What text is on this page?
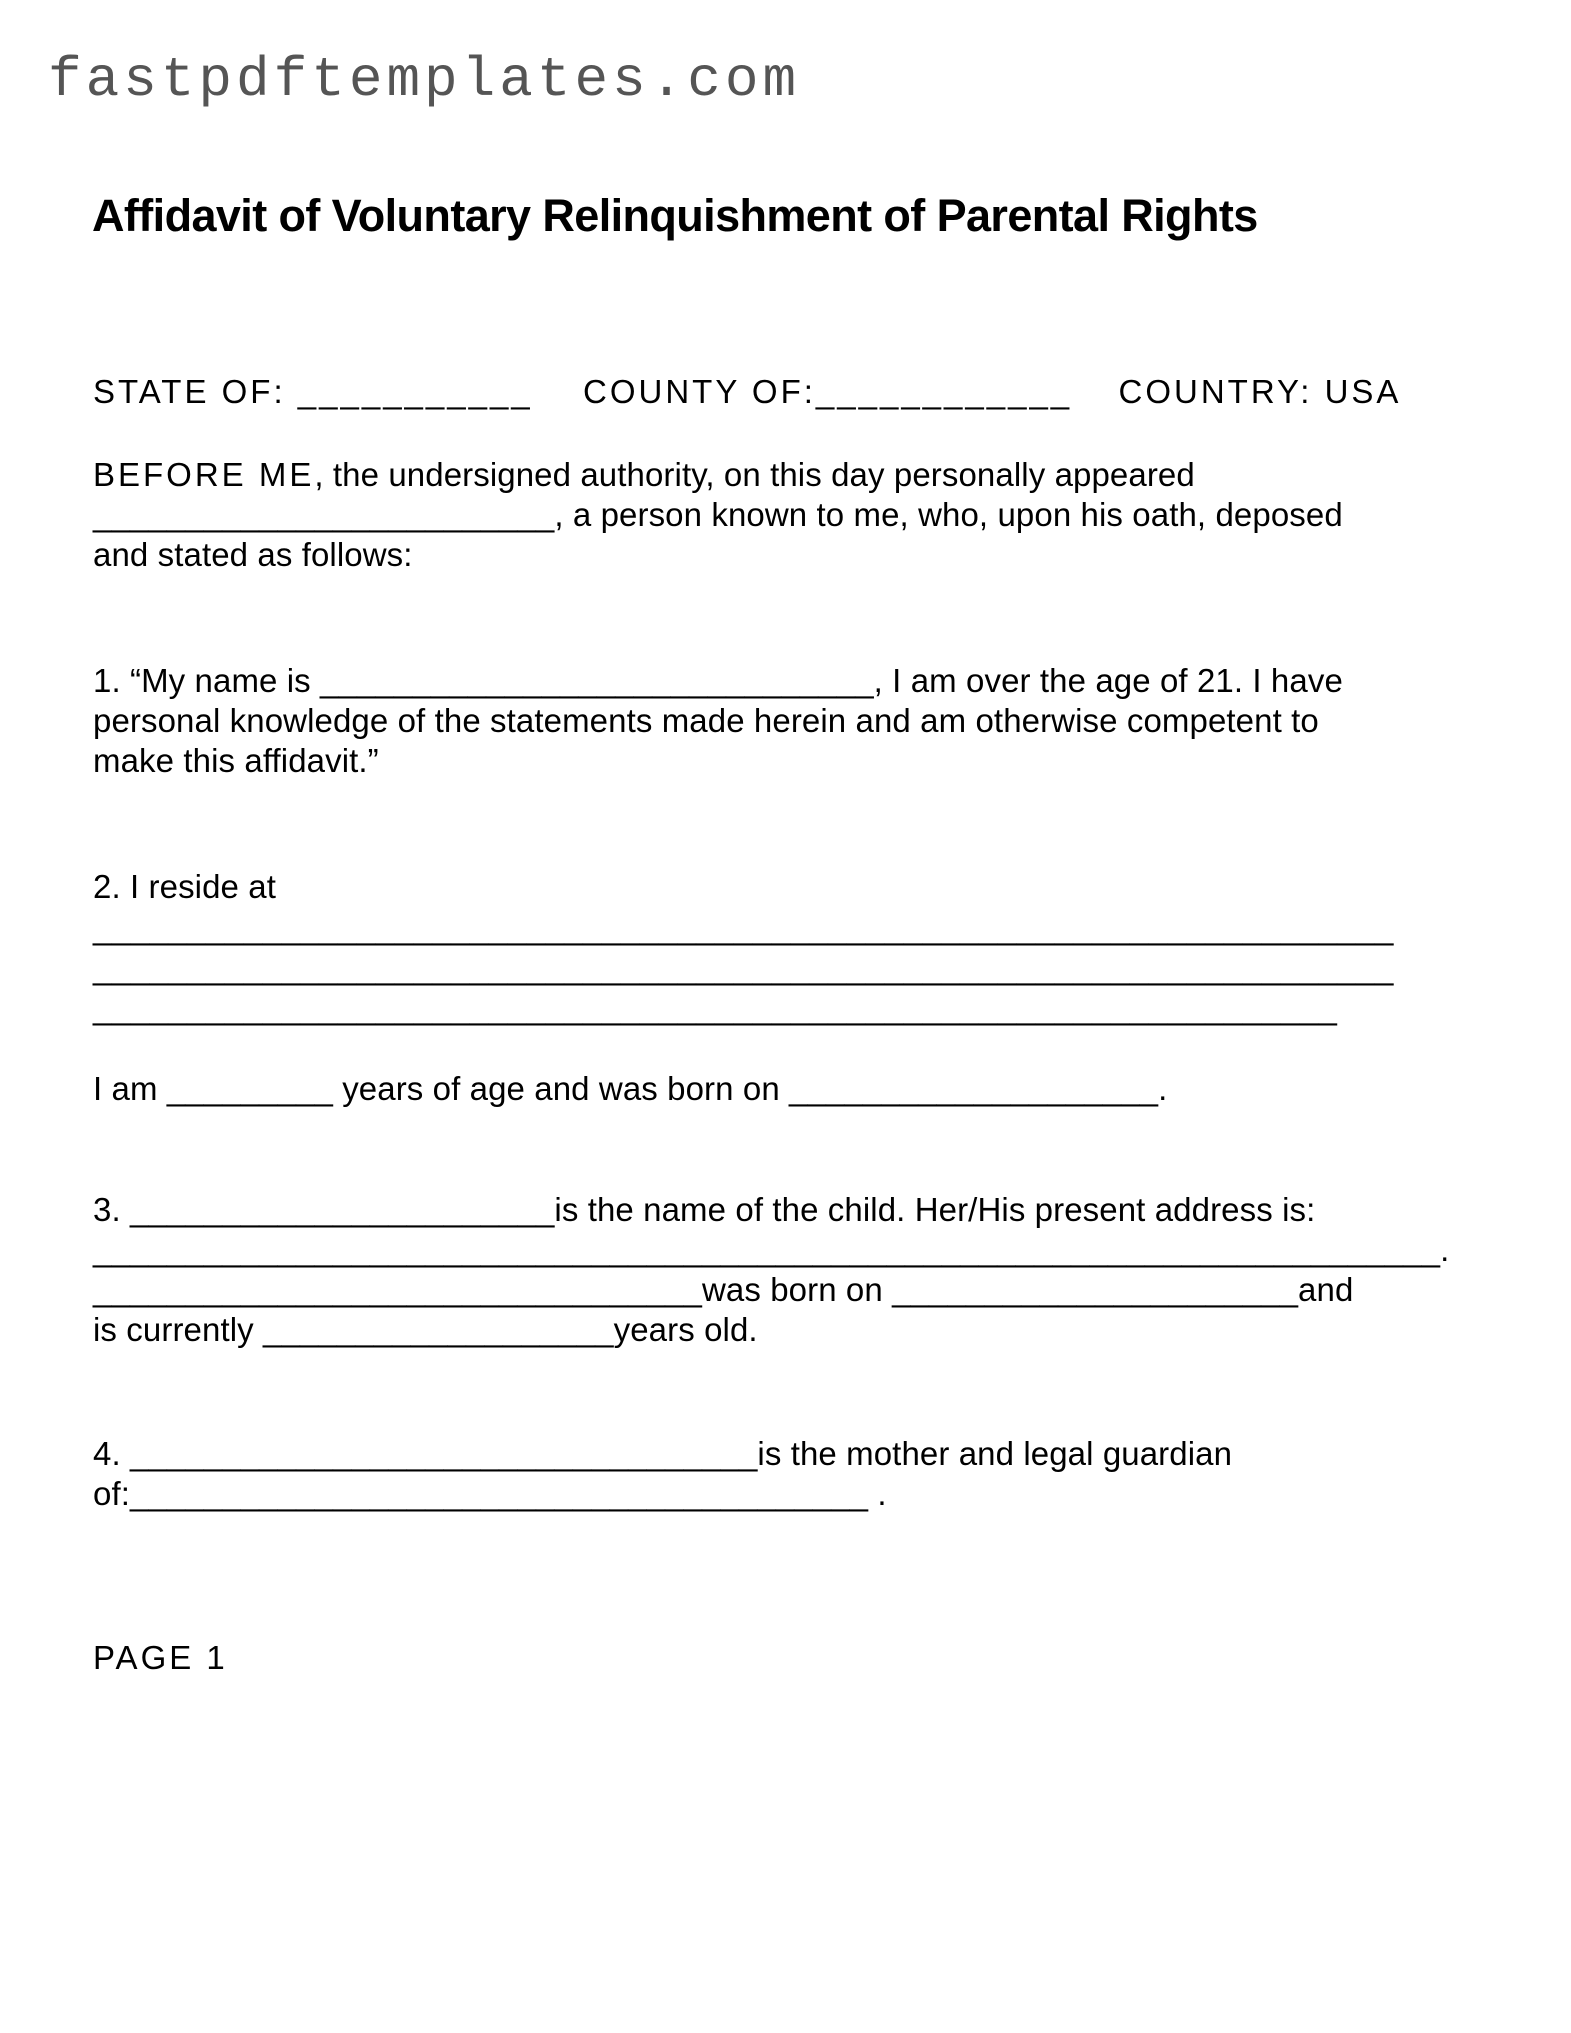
fastpdftemplates.com
Affidavit of Voluntary Relinquishment of Parental Rights
STATE OF: ___________ COUNTY OF:____________ COUNTRY: USA
BEFORE ME, the undersigned authority, on this day personally appeared
_________________________, a person known to me, who, upon his oath, deposed
and stated as follows:
1. “My name is ______________________________, I am over the age of 21. I have
personal knowledge of the statements made herein and am otherwise competent to
make this affidavit.”
2. I reside at
_____________________________________________________________________
_____________________________________________________________________
__________________________________________________________________
I am _________ years of age and was born on ____________________.
3. _______________________is the name of the child. Her/His present address is:
_________________________________________________________________________.
_________________________________was born on ______________________and
is currently ___________________years old.
4. __________________________________is the mother and legal guardian
of:________________________________________ .
PAGE 1
